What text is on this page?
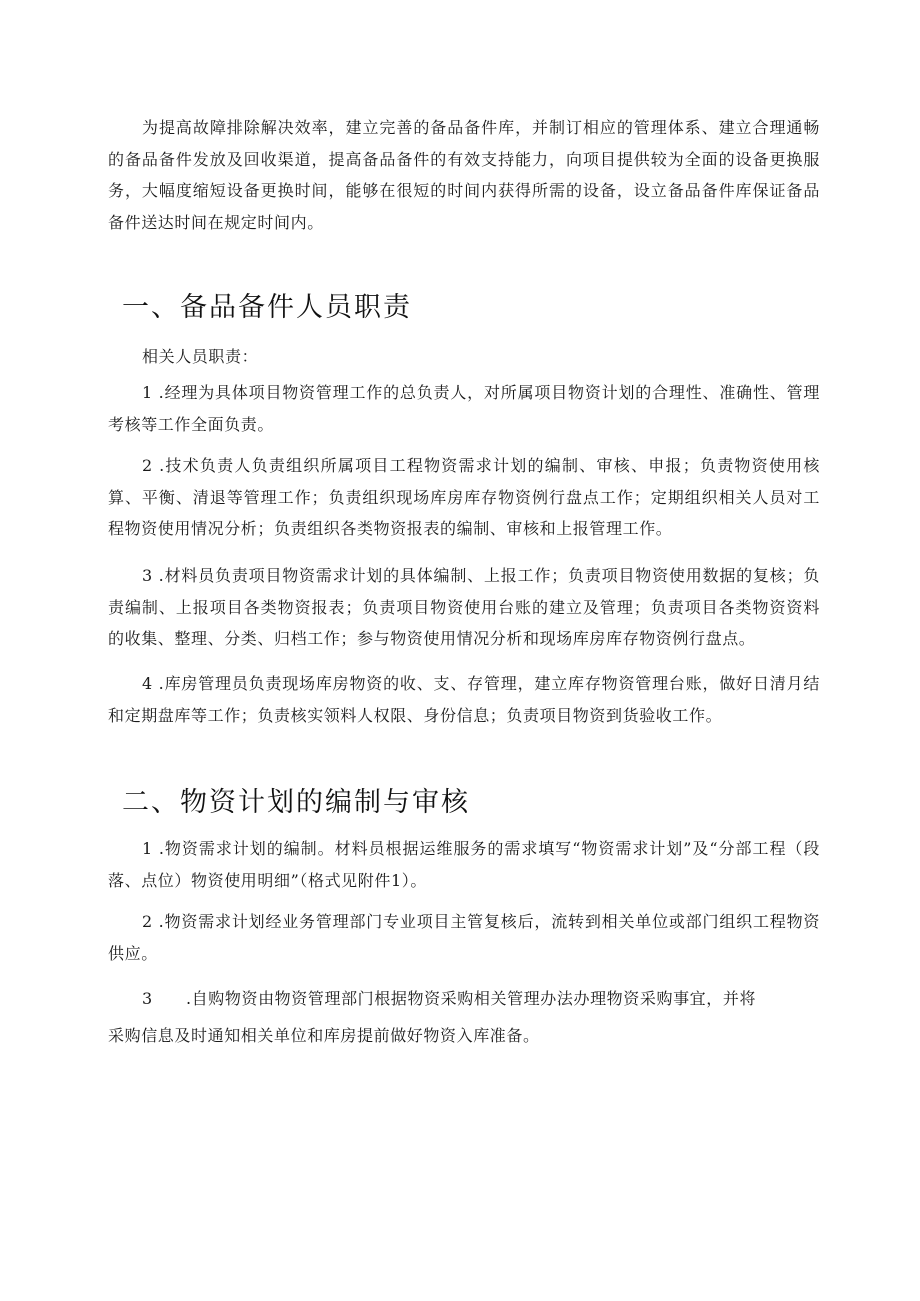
为提高故障排除解决效率，建立完善的备品备件库，并制订相应的管理体系、建立合理通畅的备品备件发放及回收渠道，提高备品备件的有效支持能力，向项目提供较为全面的设备更换服务，大幅度缩短设备更换时间，能够在很短的时间内获得所需的设备，设立备品备件库保证备品备件送达时间在规定时间内。

一、备品备件人员职责

相关人员职责：

1 .经理为具体项目物资管理工作的总负责人，对所属项目物资计划的合理性、准确性、管理考核等工作全面负责。

2 .技术负责人负责组织所属项目工程物资需求计划的编制、审核、申报；负责物资使用核算、平衡、清退等管理工作；负责组织现场库房库存物资例行盘点工作；定期组织相关人员对工程物资使用情况分析；负责组织各类物资报表的编制、审核和上报管理工作。

3 .材料员负责项目物资需求计划的具体编制、上报工作；负责项目物资使用数据的复核；负责编制、上报项目各类物资报表；负责项目物资使用台账的建立及管理；负责项目各类物资资料的收集、整理、分类、归档工作；参与物资使用情况分析和现场库房库存物资例行盘点。

4 .库房管理员负责现场库房物资的收、支、存管理，建立库存物资管理台账，做好日清月结和定期盘库等工作；负责核实领料人权限、身份信息；负责项目物资到货验收工作。

二、物资计划的编制与审核

1 .物资需求计划的编制。材料员根据运维服务的需求填写“物资需求计划”及“分部工程（段落、点位）物资使用明细”（格式见附件1）。

2 .物资需求计划经业务管理部门专业项目主管复核后，流转到相关单位或部门组织工程物资供应。

3　　.自购物资由物资管理部门根据物资采购相关管理办法办理物资采购事宜，并将

采购信息及时通知相关单位和库房提前做好物资入库准备。
